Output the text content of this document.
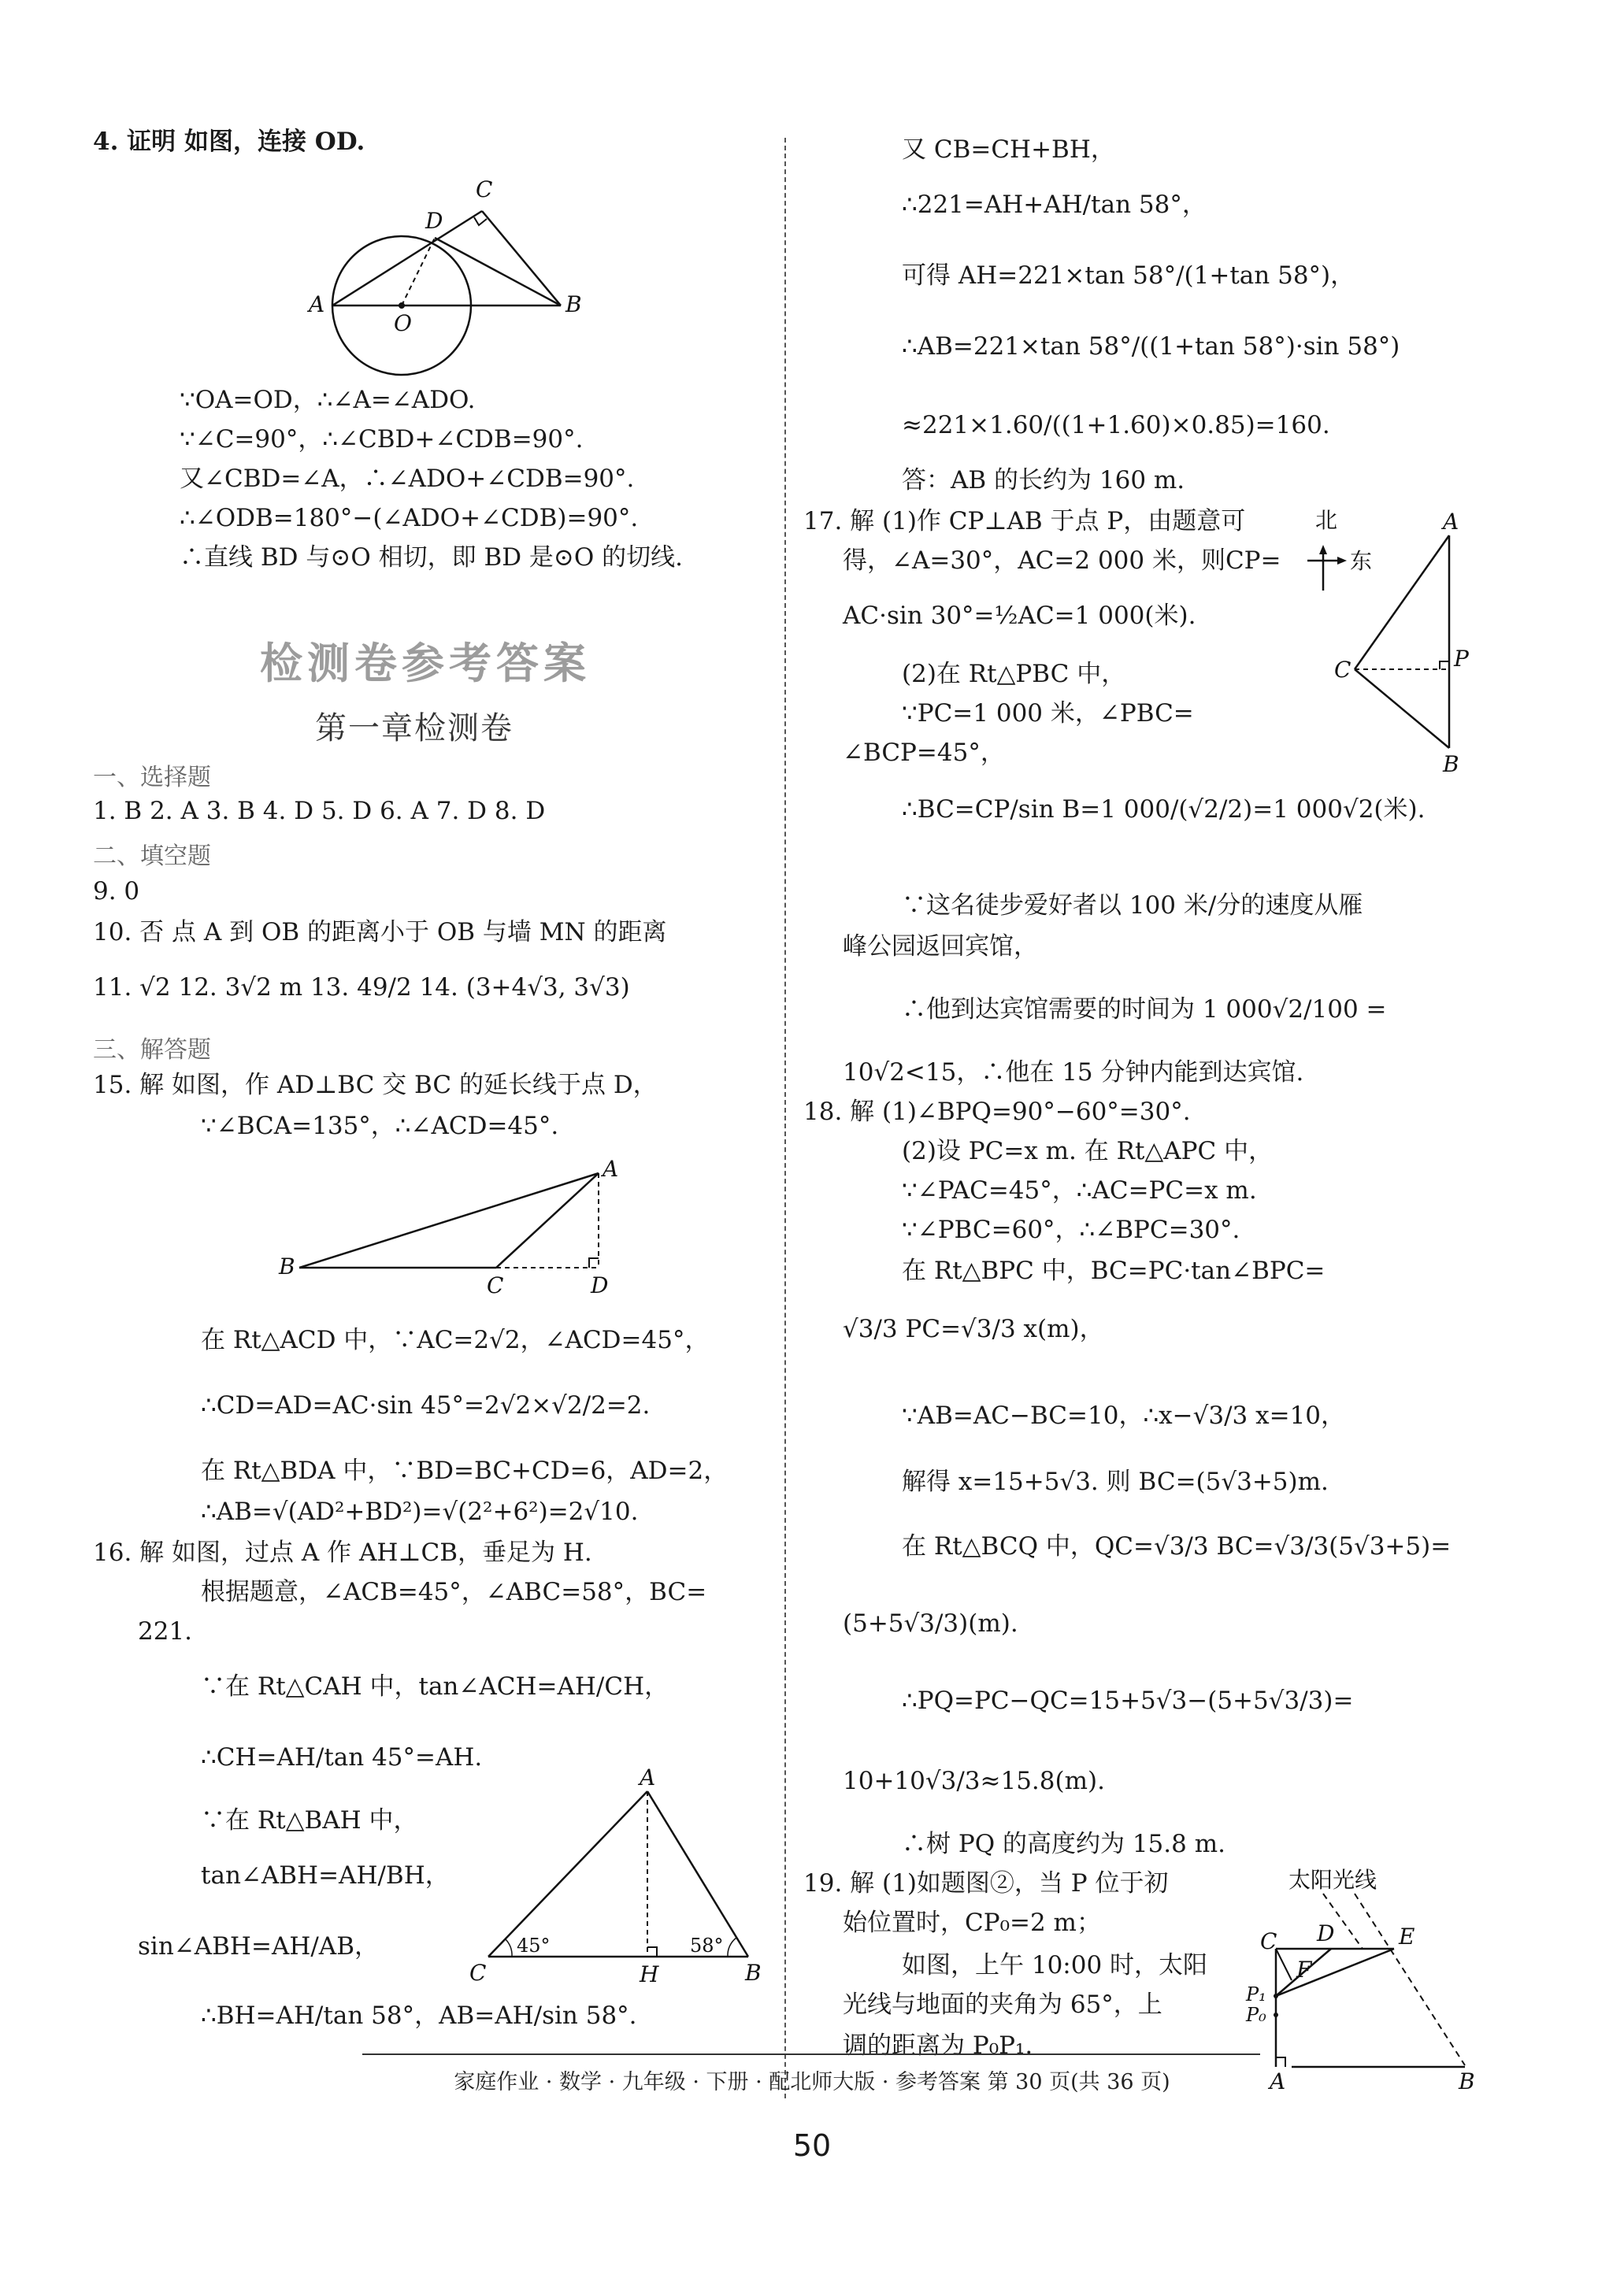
4. 证明 如图，连接 OD.
C
D
A
O
B
∵OA=OD，∴∠A=∠ADO.
∵∠C=90°，∴∠CBD+∠CDB=90°.
又∠CBD=∠A，∴∠ADO+∠CDB=90°.
∴∠ODB=180°−(∠ADO+∠CDB)=90°.
∴直线 BD 与⊙O 相切，即 BD 是⊙O 的切线.
检测卷参考答案
第一章检测卷
一、选择题
1. B 2. A 3. B 4. D 5. D 6. A 7. D 8. D
二、填空题
9. 0
10. 否 点 A 到 OB 的距离小于 OB 与墙 MN 的距离
11. √2 12. 3√2 m 13. 49/2 14. (3+4√3, 3√3)
三、解答题
15. 解 如图，作 AD⊥BC 交 BC 的延长线于点 D，
∵∠BCA=135°，∴∠ACD=45°.
A
B
C	D
在 Rt△ACD 中，∵AC=2√2，∠ACD=45°，
∴CD=AD=AC·sin 45°=2√2×√2/2=2.
在 Rt△BDA 中，∵BD=BC+CD=6，AD=2，
∴AB=√(AD²+BD²)=√(2²+6²)=2√10.
16. 解 如图，过点 A 作 AH⊥CB，垂足为 H.
根据题意，∠ACB=45°，∠ABC=58°，BC=
221.
∵在 Rt△CAH 中，tan∠ACH=AH/CH，
∴CH=AH/tan 45°=AH.
∵在 Rt△BAH 中，
tan∠ABH=AH/BH，
sin∠ABH=AH/AB，
∴BH=AH/tan 58°，AB=AH/sin 58°.
A
C	H	B
45°	58°
又 CB=CH+BH，
∴221=AH+AH/tan 58°，
可得 AH=221×tan 58°/(1+tan 58°)，
∴AB=221×tan 58°/((1+tan 58°)·sin 58°)
≈221×1.60/((1+1.60)×0.85)=160.
答：AB 的长约为 160 m.
17. 解 (1)作 CP⊥AB 于点 P，由题意可
得，∠A=30°，AC=2 000 米，则CP=
AC·sin 30°=½AC=1 000(米).
(2)在 Rt△PBC 中，
∵PC=1 000 米，∠PBC=
∠BCP=45°，
∴BC=CP/sin B=1 000/(√2/2)=1 000√2(米).
∵这名徒步爱好者以 100 米/分的速度从雁
峰公园返回宾馆，
∴他到达宾馆需要的时间为 1 000√2/100 =
10√2<15，∴他在 15 分钟内能到达宾馆.
北
东
A
C	P
B
18. 解 (1)∠BPQ=90°−60°=30°.
(2)设 PC=x m. 在 Rt△APC 中，
∵∠PAC=45°，∴AC=PC=x m.
∵∠PBC=60°，∴∠BPC=30°.
在 Rt△BPC 中，BC=PC·tan∠BPC=
√3/3 PC=√3/3 x(m)，
∵AB=AC−BC=10，∴x−√3/3 x=10，
解得 x=15+5√3. 则 BC=(5√3+5)m.
在 Rt△BCQ 中，QC=√3/3 BC=√3/3(5√3+5)=
(5+5√3/3)(m).
∴PQ=PC−QC=15+5√3−(5+5√3/3)=
10+10√3/3≈15.8(m).
∴树 PQ 的高度约为 15.8 m.
19. 解 (1)如题图②，当 P 位于初
始位置时，CP₀=2 m；
如图，上午 10:00 时，太阳
光线与地面的夹角为 65°，上
调的距离为 P₀P₁.
太阳光线
C D
F
E
P₁
P₀
A	B
家庭作业 · 数学 · 九年级 · 下册 · 配北师大版 · 参考答案 第 30 页(共 36 页)
50
